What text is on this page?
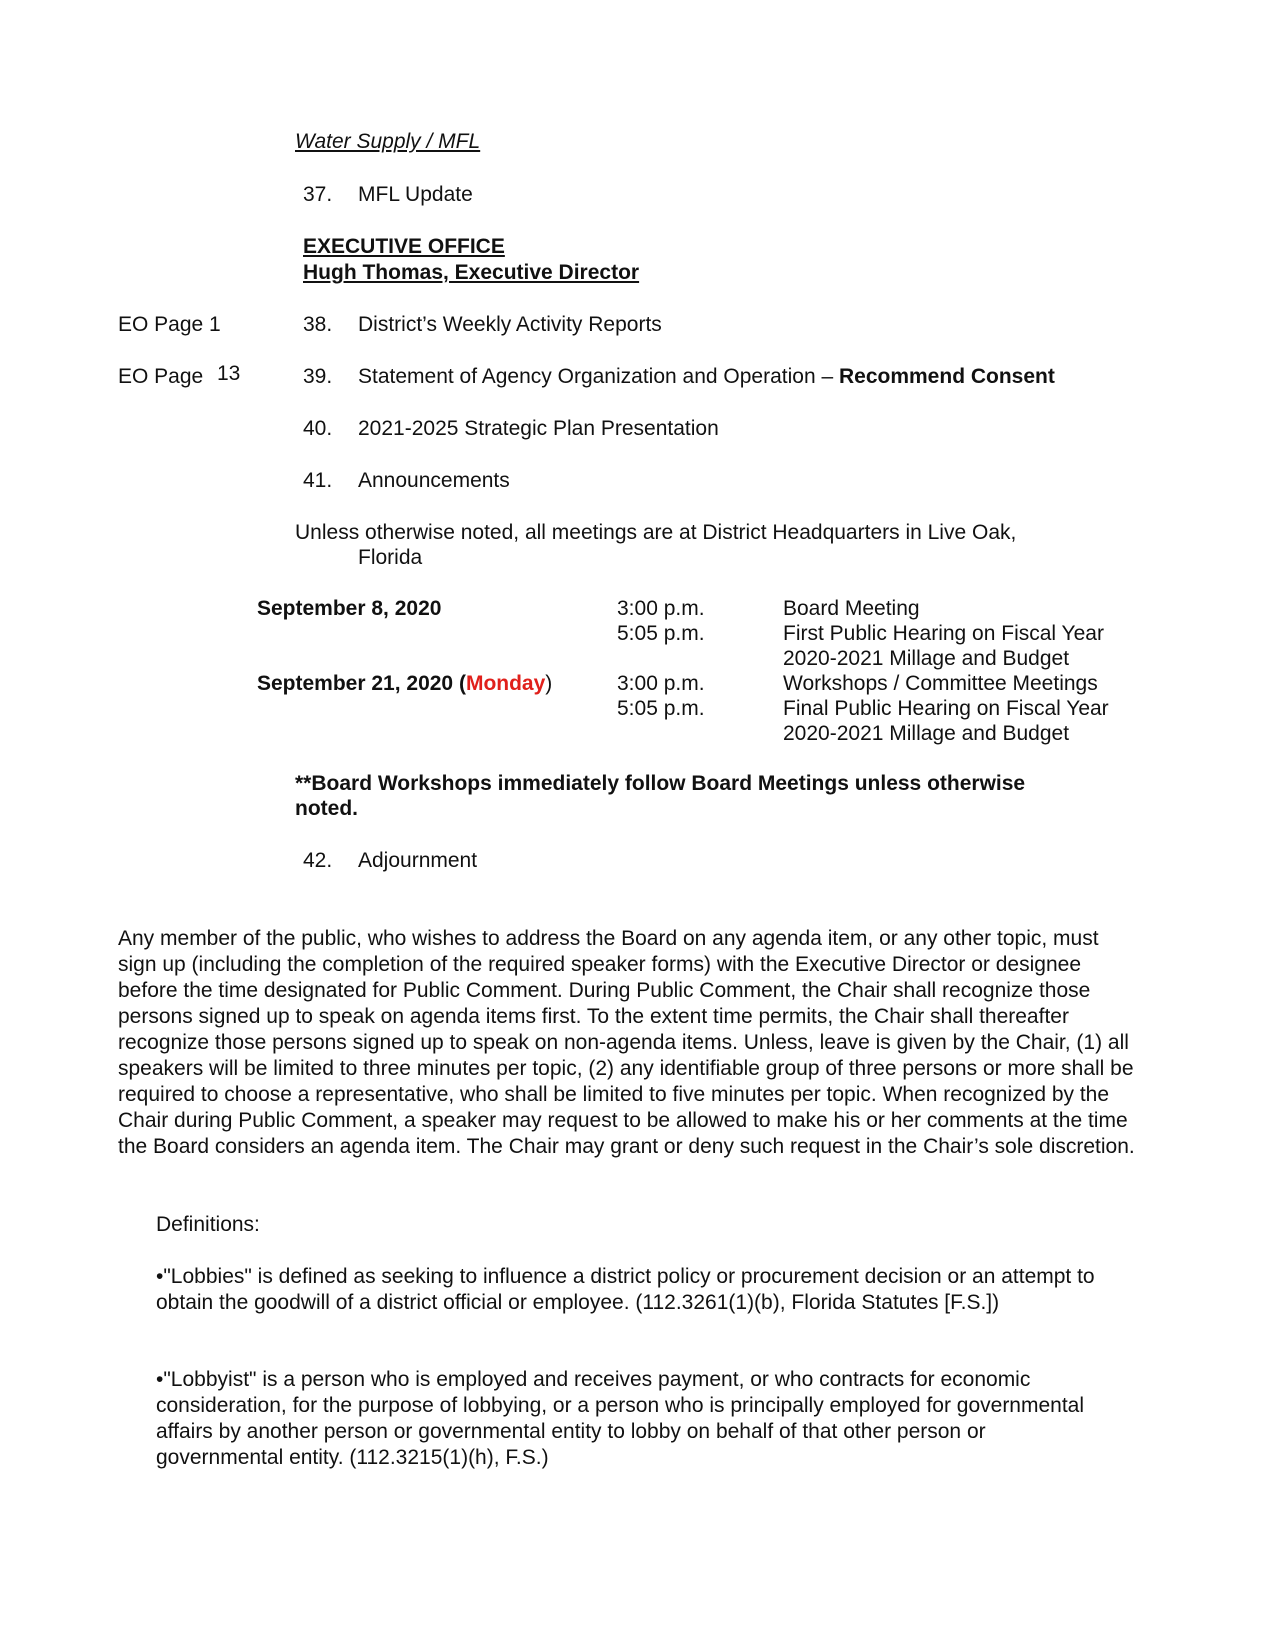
Water Supply / MFL
37. MFL Update
EXECUTIVE OFFICE
Hugh Thomas, Executive Director
EO Page 1	38. District’s Weekly Activity Reports
EO Page 13	39. Statement of Agency Organization and Operation – Recommend Consent
40. 2021-2025 Strategic Plan Presentation
41. Announcements
Unless otherwise noted, all meetings are at District Headquarters in Live Oak,
Florida
September 8, 2020	3:00 p.m.	Board Meeting
5:05 p.m.	First Public Hearing on Fiscal Year
2020-2021 Millage and Budget
September 21, 2020 (Monday)	3:00 p.m.	Workshops / Committee Meetings
5:05 p.m.	Final Public Hearing on Fiscal Year
2020-2021 Millage and Budget
**Board Workshops immediately follow Board Meetings unless otherwise
noted.
42. Adjournment
Any member of the public, who wishes to address the Board on any agenda item, or any other topic, must sign up (including the completion of the required speaker forms) with the Executive Director or designee before the time designated for Public Comment. During Public Comment, the Chair shall recognize those persons signed up to speak on agenda items first. To the extent time permits, the Chair shall thereafter recognize those persons signed up to speak on non-agenda items. Unless, leave is given by the Chair, (1) all speakers will be limited to three minutes per topic, (2) any identifiable group of three persons or more shall be required to choose a representative, who shall be limited to five minutes per topic. When recognized by the Chair during Public Comment, a speaker may request to be allowed to make his or her comments at the time the Board considers an agenda item. The Chair may grant or deny such request in the Chair’s sole discretion.
Definitions:
•"Lobbies" is defined as seeking to influence a district policy or procurement decision or an attempt to obtain the goodwill of a district official or employee. (112.3261(1)(b), Florida Statutes [F.S.])
•"Lobbyist" is a person who is employed and receives payment, or who contracts for economic consideration, for the purpose of lobbying, or a person who is principally employed for governmental affairs by another person or governmental entity to lobby on behalf of that other person or governmental entity. (112.3215(1)(h), F.S.)
